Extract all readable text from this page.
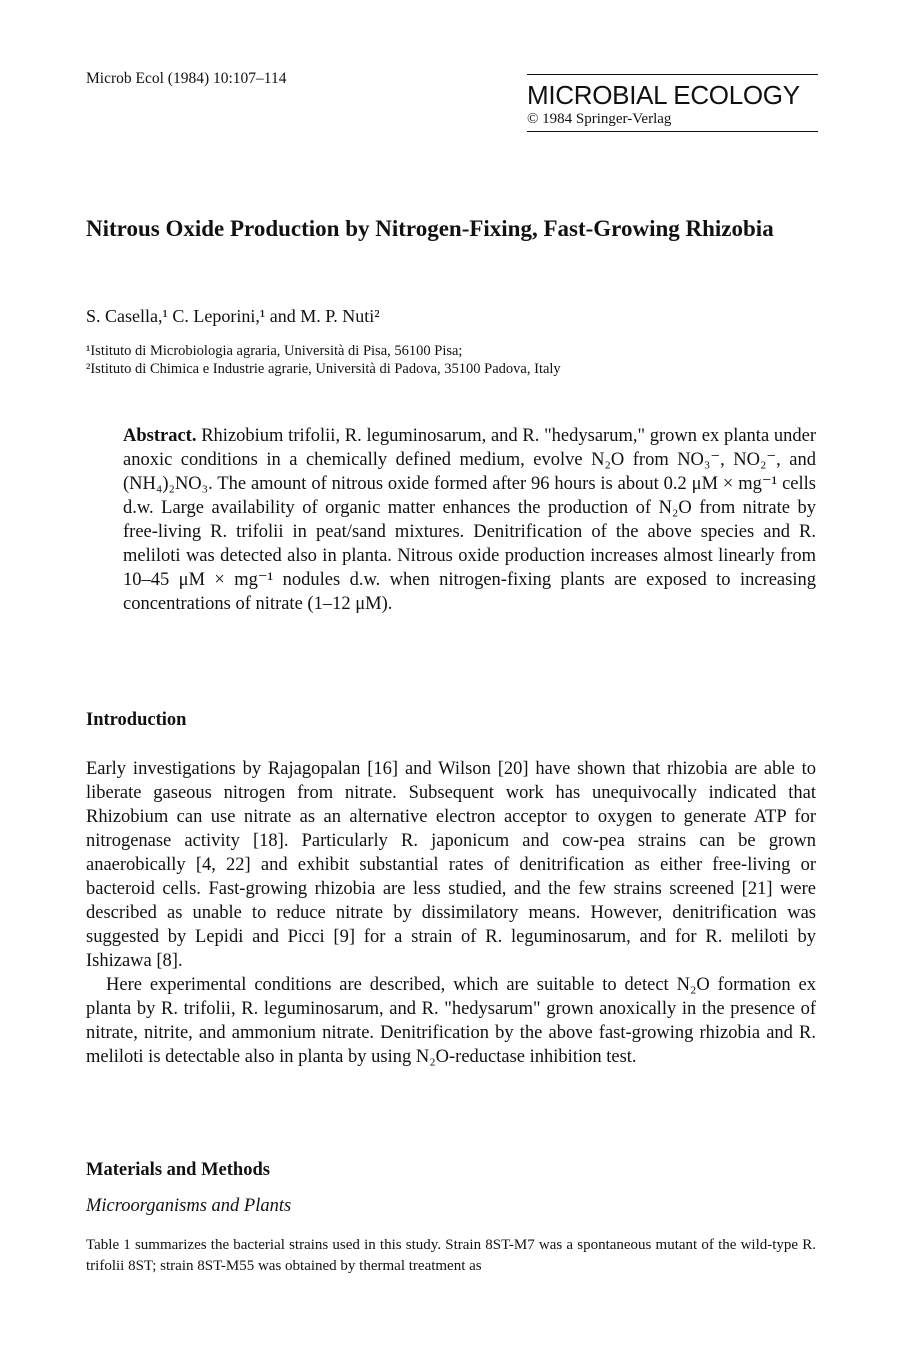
Microb Ecol (1984) 10:107–114
MICROBIAL ECOLOGY
© 1984 Springer-Verlag
Nitrous Oxide Production by Nitrogen-Fixing, Fast-Growing Rhizobia
S. Casella,¹ C. Leporini,¹ and M. P. Nuti²
¹Istituto di Microbiologia agraria, Università di Pisa, 56100 Pisa;
²Istituto di Chimica e Industrie agrarie, Università di Padova, 35100 Padova, Italy
Abstract. Rhizobium trifolii, R. leguminosarum, and R. "hedysarum," grown ex planta under anoxic conditions in a chemically defined medium, evolve N₂O from NO₃⁻, NO₂⁻, and (NH₄)₂NO₃. The amount of nitrous oxide formed after 96 hours is about 0.2 μM × mg⁻¹ cells d.w. Large availability of organic matter enhances the production of N₂O from nitrate by free-living R. trifolii in peat/sand mixtures. Denitrification of the above species and R. meliloti was detected also in planta. Nitrous oxide production increases almost linearly from 10–45 μM × mg⁻¹ nodules d.w. when nitrogen-fixing plants are exposed to increasing concentrations of nitrate (1–12 μM).
Introduction

Early investigations by Rajagopalan [16] and Wilson [20] have shown that rhizobia are able to liberate gaseous nitrogen from nitrate. Subsequent work has unequivocally indicated that Rhizobium can use nitrate as an alternative electron acceptor to oxygen to generate ATP for nitrogenase activity [18]. Particularly R. japonicum and cow-pea strains can be grown anaerobically [4, 22] and exhibit substantial rates of denitrification as either free-living or bacteroid cells. Fast-growing rhizobia are less studied, and the few strains screened [21] were described as unable to reduce nitrate by dissimilatory means. However, denitrification was suggested by Lepidi and Picci [9] for a strain of R. leguminosarum, and for R. meliloti by Ishizawa [8].

Here experimental conditions are described, which are suitable to detect N₂O formation ex planta by R. trifolii, R. leguminosarum, and R. "hedysarum" grown anoxically in the presence of nitrate, nitrite, and ammonium nitrate. Denitrification by the above fast-growing rhizobia and R. meliloti is detectable also in planta by using N₂O-reductase inhibition test.

Materials and Methods
Microorganisms and Plants
Table 1 summarizes the bacterial strains used in this study. Strain 8ST-M7 was a spontaneous mutant of the wild-type R. trifolii 8ST; strain 8ST-M55 was obtained by thermal treatment as
